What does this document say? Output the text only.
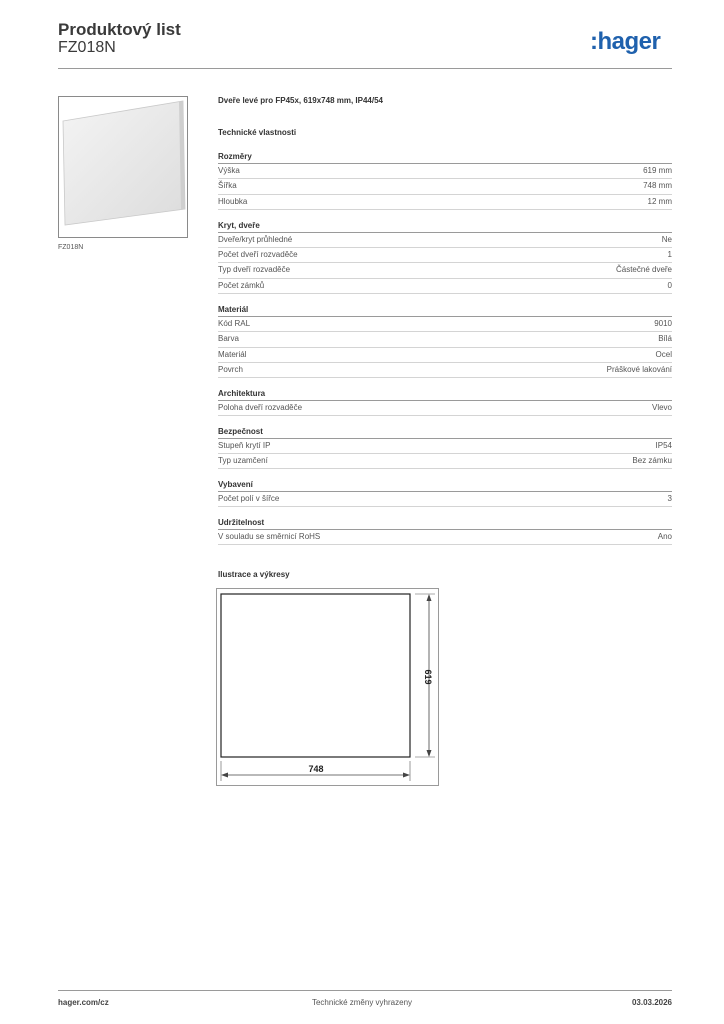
Produktový list
FZ018N	:hager
FZ018N
Dveře levé pro FP45x, 619x748 mm, IP44/54
Technické vlastnosti
Rozměry
Výška	619 mm
Šířka	748 mm
Hloubka	12 mm
Kryt, dveře
Dveře/kryt průhledné	Ne
Počet dveří rozvaděče	1
Typ dveří rozvaděče	Částečné dveře
Počet zámků	0
Materiál
Kód RAL	9010
Barva	Bílá
Materiál	Ocel
Povrch	Práškové lakování
Architektura
Poloha dveří rozvaděče	Vlevo
Bezpečnost
Stupeň krytí IP	IP54
Typ uzamčení	Bez zámku
Vybavení
Počet polí v šířce	3
Udržitelnost
V souladu se směrnicí RoHS	Ano
Ilustrace a výkresy
619
748
hager.com/cz	Technické změny vyhrazeny	03.03.2026
